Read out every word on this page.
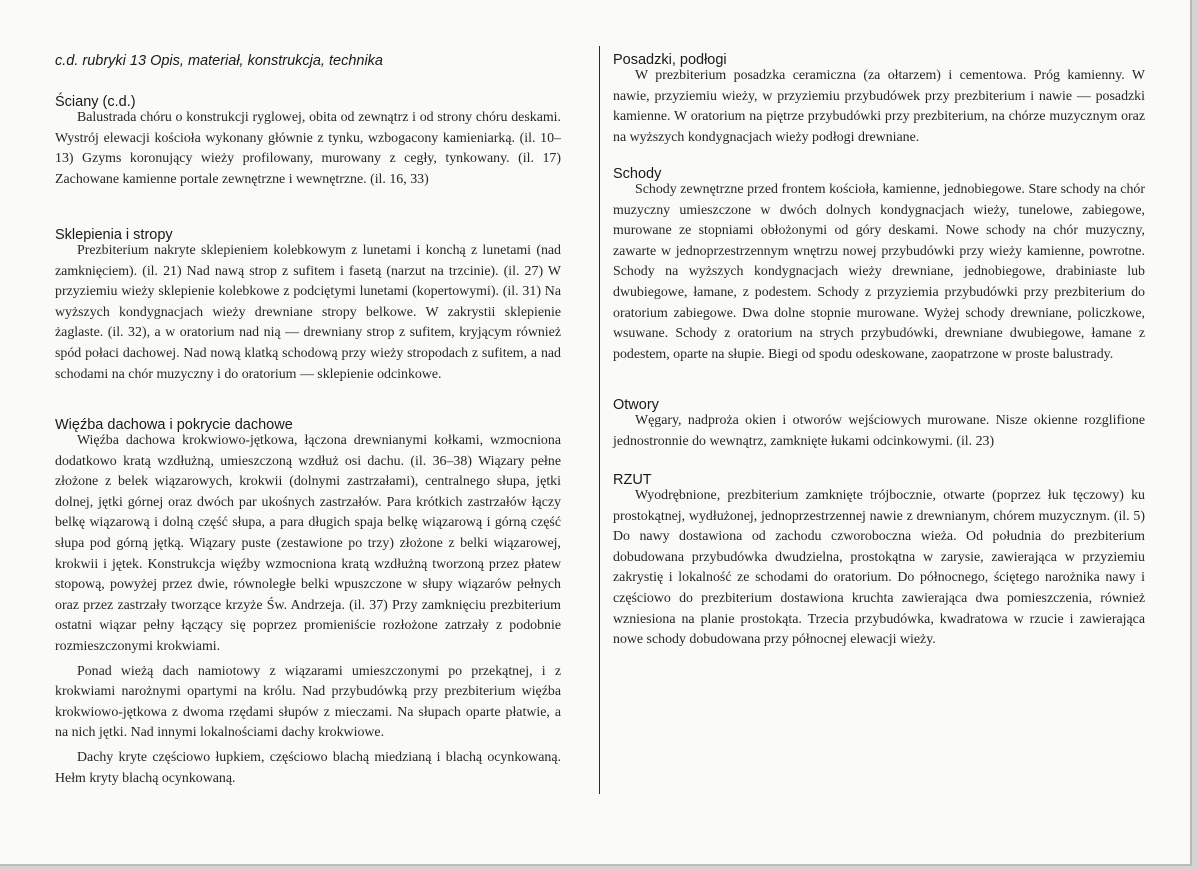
c.d. rubryki 13 Opis, materiał, konstrukcja, technika
Ściany (c.d.)

Balustrada chóru o konstrukcji ryglowej, obita od zewnątrz i od strony chóru deskami. Wystrój elewacji kościoła wykonany głównie z tynku, wzbogacony kamieniarką. (il. 10–13) Gzyms koronujący wieży profilowany, murowany z cegły, tynkowany. (il. 17) Zachowane kamienne portale zewnętrzne i wewnętrzne. (il. 16, 33)

Sklepienia i stropy

Prezbiterium nakryte sklepieniem kolebkowym z lunetami i konchą z lunetami (nad zamknięciem). (il. 21) Nad nawą strop z sufitem i fasetą (narzut na trzcinie). (il. 27) W przyziemiu wieży sklepienie kolebkowe z podciętymi lunetami (kopertowymi). (il. 31) Na wyższych kondygnacjach wieży drewniane stropy belkowe. W zakrystii sklepienie żaglaste. (il. 32), a w oratorium nad nią — drewniany strop z sufitem, kryjącym również spód połaci dachowej. Nad nową klatką schodową przy wieży stropodach z sufitem, a nad schodami na chór muzyczny i do oratorium — sklepienie odcinkowe.

Więźba dachowa i pokrycie dachowe

Więźba dachowa krokwiowo-jętkowa, łączona drewnianymi kołkami, wzmocniona dodatkowo kratą wzdłużną, umieszczoną wzdłuż osi dachu. (il. 36–38) Wiązary pełne złożone z belek wiązarowych, krokwii (dolnymi zastrzałami), centralnego słupa, jętki dolnej, jętki górnej oraz dwóch par ukośnych zastrzałów. Para krótkich zastrzałów łączy belkę wiązarową i dolną część słupa, a para długich spaja belkę wiązarową i górną część słupa pod górną jętką. Wiązary puste (zestawione po trzy) złożone z belki wiązarowej, krokwii i jętek. Konstrukcja więźby wzmocniona kratą wzdłużną tworzoną przez płatew stopową, powyżej przez dwie, równoległe belki wpuszczone w słupy wiązarów pełnych oraz przez zastrzały tworzące krzyże Św. Andrzeja. (il. 37) Przy zamknięciu prezbiterium ostatni wiązar pełny łączący się poprzez promieniście rozłożone zatrzały z podobnie rozmieszczonymi krokwiami.

Ponad wieżą dach namiotowy z wiązarami umieszczonymi po przekątnej, i z krokwiami narożnymi opartymi na królu. Nad przybudówką przy prezbiterium więźba krokwiowo-jętkowa z dwoma rzędami słupów z mieczami. Na słupach oparte płatwie, a na nich jętki. Nad innymi lokalnościami dachy krokwiowe.

Dachy kryte częściowo łupkiem, częściowo blachą miedzianą i blachą ocynkowaną. Hełm kryty blachą ocynkowaną.

Posadzki, podłogi

W prezbiterium posadzka ceramiczna (za ołtarzem) i cementowa. Próg kamienny. W nawie, przyziemiu wieży, w przyziemiu przybudówek przy prezbiterium i nawie — posadzki kamienne. W oratorium na piętrze przybudówki przy prezbiterium, na chórze muzycznym oraz na wyższych kondygnacjach wieży podłogi drewniane.

Schody

Schody zewnętrzne przed frontem kościoła, kamienne, jednobiegowe. Stare schody na chór muzyczny umieszczone w dwóch dolnych kondygnacjach wieży, tunelowe, zabiegowe, murowane ze stopniami obłożonymi od góry deskami. Nowe schody na chór muzyczny, zawarte w jednoprzestrzennym wnętrzu nowej przybudówki przy wieży kamienne, powrotne. Schody na wyższych kondygnacjach wieży drewniane, jednobiegowe, drabiniaste lub dwubiegowe, łamane, z podestem. Schody z przyziemia przybudówki przy prezbiterium do oratorium zabiegowe. Dwa dolne stopnie murowane. Wyżej schody drewniane, policzkowe, wsuwane. Schody z oratorium na strych przybudówki, drewniane dwubiegowe, łamane z podestem, oparte na słupie. Biegi od spodu odeskowane, zaopatrzone w proste balustrady.

Otwory

Węgary, nadproża okien i otworów wejściowych murowane. Nisze okienne rozglifione jednostronnie do wewnątrz, zamknięte łukami odcinkowymi. (il. 23)

RZUT

Wyodrębnione, prezbiterium zamknięte trójbocznie, otwarte (poprzez łuk tęczowy) ku prostokątnej, wydłużonej, jednoprzestrzennej nawie z drewnianym, chórem muzycznym. (il. 5) Do nawy dostawiona od zachodu czworoboczna wieża. Od południa do prezbiterium dobudowana przybudówka dwudzielna, prostokątna w zarysie, zawierająca w przyziemiu zakrystię i lokalność ze schodami do oratorium. Do północnego, ściętego narożnika nawy i częściowo do prezbiterium dostawiona kruchta zawierająca dwa pomieszczenia, również wzniesiona na planie prostokąta. Trzecia przybudówka, kwadratowa w rzucie i zawierająca nowe schody dobudowana przy północnej elewacji wieży.
